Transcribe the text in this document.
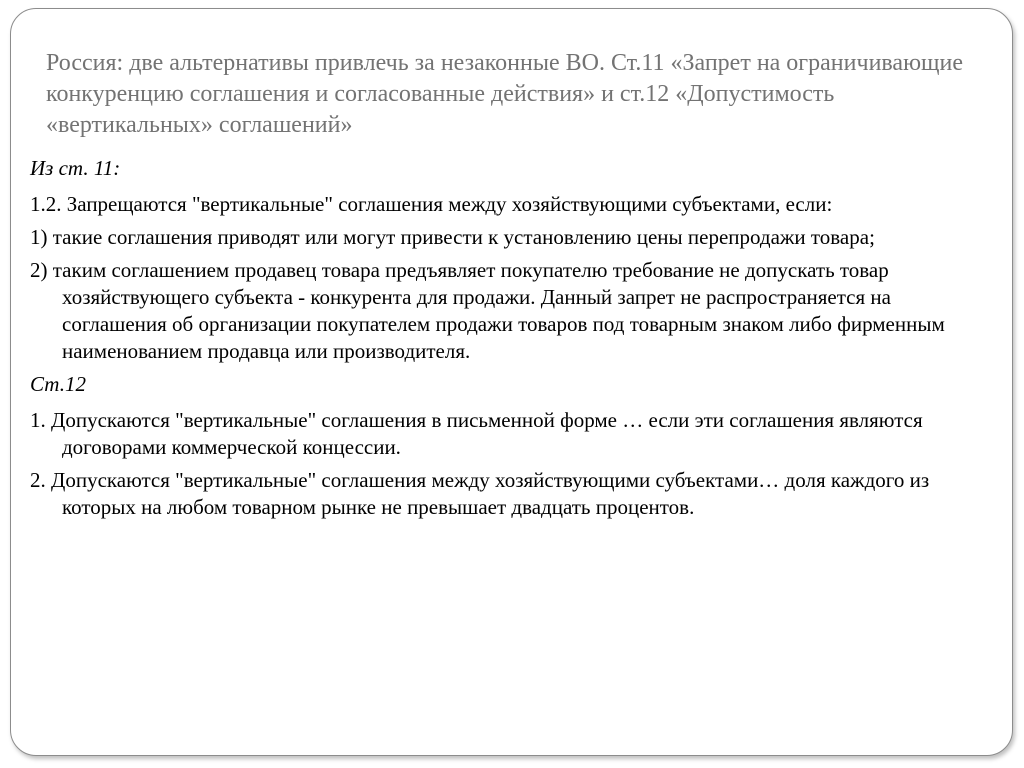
Россия: две альтернативы привлечь за незаконные ВО. Ст.11 «Запрет на ограничивающие конкуренцию соглашения и согласованные действия» и ст.12 «Допустимость «вертикальных» соглашений»

Из ст. 11:

1.2. Запрещаются "вертикальные" соглашения между хозяйствующими субъектами, если:

1) такие соглашения приводят или могут привести к установлению цены перепродажи товара;

2) таким соглашением продавец товара предъявляет покупателю требование не допускать товар хозяйствующего субъекта - конкурента для продажи. Данный запрет не распространяется на соглашения об организации покупателем продажи товаров под товарным знаком либо фирменным наименованием продавца или производителя.

Ст.12

1. Допускаются "вертикальные" соглашения в письменной форме … если эти соглашения являются договорами коммерческой концессии.

2. Допускаются "вертикальные" соглашения между хозяйствующими субъектами… доля каждого из которых на любом товарном рынке не превышает двадцать процентов.
